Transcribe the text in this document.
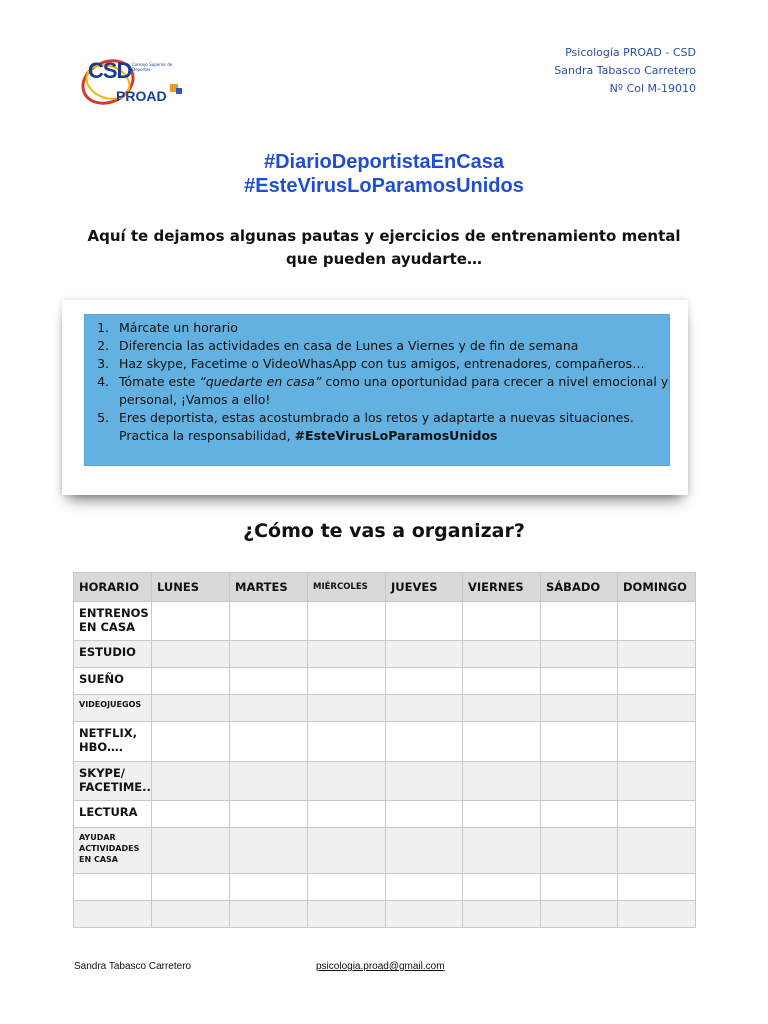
CSD Consejo Superior de Deportes
PROAD
Psicología PROAD - CSD
Sandra Tabasco Carretero
Nº Col M-19010
#DiarioDeportistaEnCasa
#EsteVirusLoParamosUnidos
Aquí te dejamos algunas pautas y ejercicios de entrenamiento mental que pueden ayudarte…
1. Márcate un horario
2. Diferencia las actividades en casa de Lunes a Viernes y de fin de semana
3. Haz skype, Facetime o VideoWhasApp con tus amigos, entrenadores, compañeros…
4. Tómate este “quedarte en casa” como una oportunidad para crecer a nivel emocional y personal, ¡Vamos a ello!
5. Eres deportista, estas acostumbrado a los retos y adaptarte a nuevas situaciones. Practica la responsabilidad, #EsteVirusLoParamosUnidos
¿Cómo te vas a organizar?
HORARIO	LUNES	MARTES	MIÉRCOLES	JUEVES	VIERNES	SÁBADO	DOMINGO
ENTRENOS EN CASA							
ESTUDIO							
SUEÑO							
VIDEOJUEGOS							
NETFLIX, HBO….							
SKYPE/ FACETIME..							
LECTURA							
AYUDAR ACTIVIDADES EN CASA							

Sandra Tabasco Carretero	psicologia.proad@gmail.com
